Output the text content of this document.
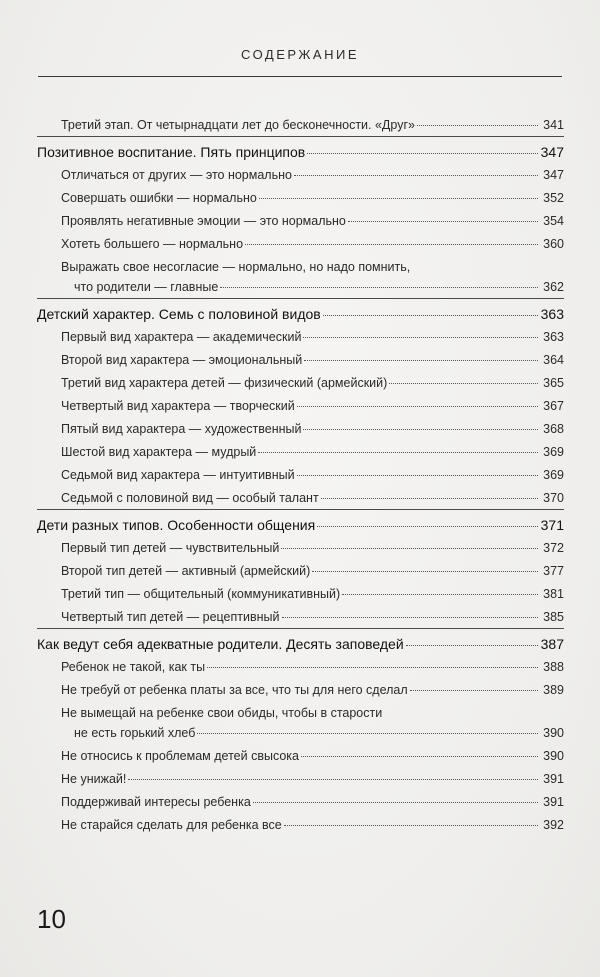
СОДЕРЖАНИЕ
Третий этап. От четырнадцати лет до бесконечности. «Друг»	341
Позитивное воспитание. Пять принципов	347
Отличаться от других — это нормально	347
Совершать ошибки — нормально	352
Проявлять негативные эмоции — это нормально	354
Хотеть большего — нормально	360
Выражать свое несогласие — нормально, но надо помнить,
что родители — главные	362
Детский характер. Семь с половиной видов	363
Первый вид характера — академический	363
Второй вид характера — эмоциональный	364
Третий вид характера детей — физический (армейский)	365
Четвертый вид характера — творческий	367
Пятый вид характера — художественный	368
Шестой вид характера — мудрый	369
Седьмой вид характера — интуитивный	369
Седьмой с половиной вид — особый талант	370
Дети разных типов. Особенности общения	371
Первый тип детей — чувствительный	372
Второй тип детей — активный (армейский)	377
Третий тип — общительный (коммуникативный)	381
Четвертый тип детей — рецептивный	385
Как ведут себя адекватные родители. Десять заповедей	387
Ребенок не такой, как ты	388
Не требуй от ребенка платы за все, что ты для него сделал	389
Не вымещай на ребенке свои обиды, чтобы в старости
не есть горький хлеб	390
Не относись к проблемам детей свысока	390
Не унижай!	391
Поддерживай интересы ребенка	391
Не старайся сделать для ребенка все	392
10
